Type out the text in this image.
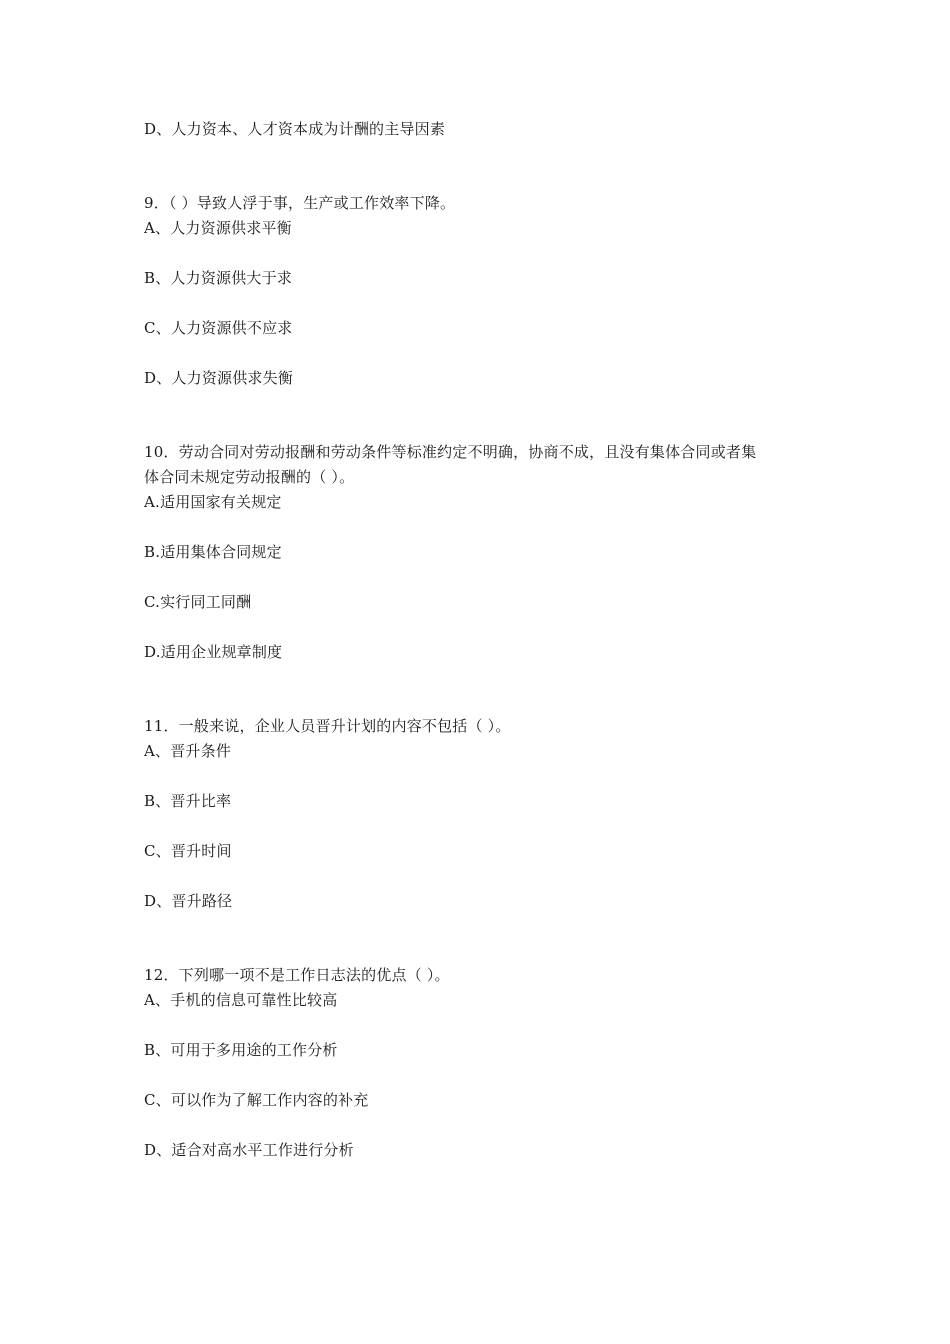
D、人力资本、人才资本成为计酬的主导因素
9．（ ）导致人浮于事，生产或工作效率下降。
A、人力资源供求平衡
B、人力资源供大于求
C、人力资源供不应求
D、人力资源供求失衡
10．劳动合同对劳动报酬和劳动条件等标准约定不明确，协商不成，且没有集体合同或者集
体合同未规定劳动报酬的（ ）。
A.适用国家有关规定
B.适用集体合同规定
C.实行同工同酬
D.适用企业规章制度
11．一般来说，企业人员晋升计划的内容不包括（ ）。
A、晋升条件
B、晋升比率
C、晋升时间
D、晋升路径
12．下列哪一项不是工作日志法的优点（ ）。
A、手机的信息可靠性比较高
B、可用于多用途的工作分析
C、可以作为了解工作内容的补充
D、适合对高水平工作进行分析
